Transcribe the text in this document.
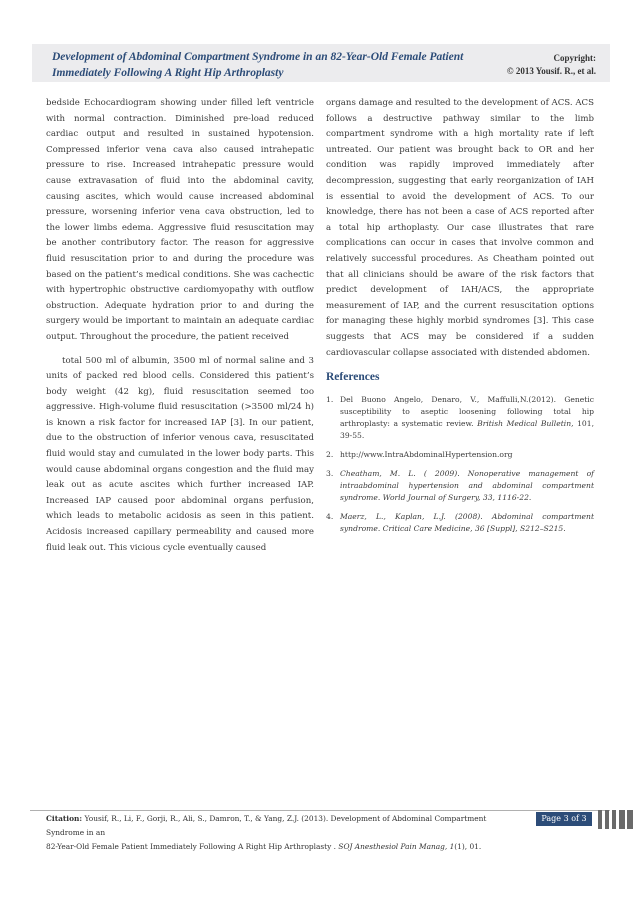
Development of Abdominal Compartment Syndrome in an 82-Year-Old Female Patient
Immediately Following A Right Hip Arthroplasty
Copyright:
© 2013 Yousif. R., et al.

bedside Echocardiogram showing under filled left ventricle with normal contraction. Diminished pre-load reduced cardiac output and resulted in sustained hypotension. Compressed inferior vena cava also caused intrahepatic pressure to rise. Increased intrahepatic pressure would cause extravasation of fluid into the abdominal cavity, causing ascites, which would cause increased abdominal pressure, worsening inferior vena cava obstruction, led to the lower limbs edema. Aggressive fluid resuscitation may be another contributory factor. The reason for aggressive fluid resuscitation prior to and during the procedure was based on the patient’s medical conditions. She was cachectic with hypertrophic obstructive cardiomyopathy with outflow obstruction. Adequate hydration prior to and during the surgery would be important to maintain an adequate cardiac output. Throughout the procedure, the patient received

total 500 ml of albumin, 3500 ml of normal saline and 3 units of packed red blood cells. Considered this patient’s body weight (42 kg), fluid resuscitation seemed too aggressive. High-volume fluid resuscitation (>3500 ml/24 h) is known a risk factor for increased IAP [3]. In our patient, due to the obstruction of inferior venous cava, resuscitated fluid would stay and cumulated in the lower body parts. This would cause abdominal organs congestion and the fluid may leak out as acute ascites which further increased IAP. Increased IAP caused poor abdominal organs perfusion, which leads to metabolic acidosis as seen in this patient. Acidosis increased capillary permeability and caused more fluid leak out. This vicious cycle eventually caused

organs damage and resulted to the development of ACS. ACS follows a destructive pathway similar to the limb compartment syndrome with a high mortality rate if left untreated. Our patient was brought back to OR and her condition was rapidly improved immediately after decompression, suggesting that early reorganization of IAH is essential to avoid the development of ACS. To our knowledge, there has not been a case of ACS reported after a total hip arthoplasty. Our case illustrates that rare complications can occur in cases that involve common and relatively successful procedures. As Cheatham pointed out that all clinicians should be aware of the risk factors that predict development of IAH/ACS, the appropriate measurement of IAP, and the current resuscitation options for managing these highly morbid syndromes [3]. This case suggests that ACS may be considered if a sudden cardiovascular collapse associated with distended abdomen.

References
1. Del Buono Angelo, Denaro, V., Maffulli,N.(2012). Genetic susceptibility to aseptic loosening following total hip arthroplasty: a systematic review. British Medical Bulletin, 101, 39-55.
2. http://www.IntraAbdominalHypertension.org
3. Cheatham, M. L. ( 2009). Nonoperative management of intraabdominal hypertension and abdominal compartment syndrome. World Journal of Surgery, 33, 1116-22.
4. Maerz, L., Kaplan, L.J. (2008). Abdominal compartment syndrome. Critical Care Medicine, 36 [Suppl], S212–S215.
Citation: Yousif, R., Li, F., Gorji, R., Ali, S., Damron, T., & Yang, Z.J. (2013). Development of Abdominal Compartment Syndrome in an
82-Year-Old Female Patient Immediately Following A Right Hip Arthroplasty . SOJ Anesthesiol Pain Manag, 1(1), 01.
Page 3 of 3
